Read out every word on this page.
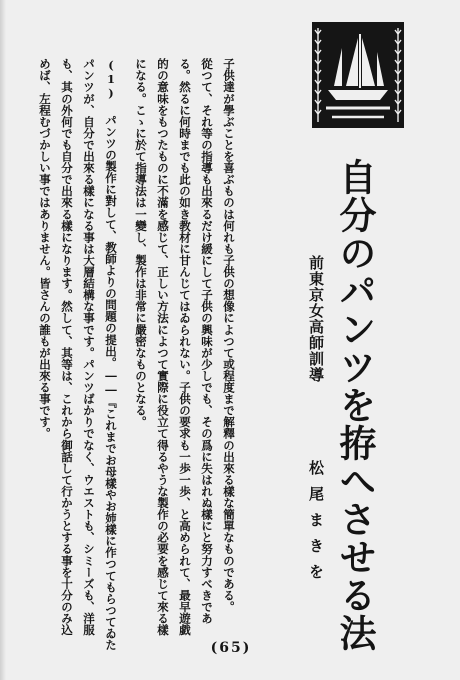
自分のパンツを拵へさせる法
前東京女高師訓導
松尾まきを
子供達が學ぶことを喜ぶものは何れも子供の想像によつて或程度まで解釋の出來る樣な簡單なものである。
從つて、それ等の指導も出來るだけ緩にして子供の興味が少しでも、その爲に失はれぬ樣にと努力すべきであ
る。然るに何時までも此の如き教材に甘んじてはゐられない。子供の要求も一歩一歩、と高められて、最早遊戯
的の意味をもつたものに不滿を感じて、正しい方法によつて實際に役立て得るやうな製作の必要を感じて來る樣
になる。こゝに於て指導法は一變し、製作は非常に嚴密なものとなる。
(1) パンツの製作に對して、教師よりの問題の提出。――『これまでお母樣やお姉樣に作つてもらつてゐた
パンツが、自分で出來る樣になる事は大層結構な事です。パンツばかりでなく、ウエストも、シミーズも、洋服
も、其の外何でも自分で出來る樣になります。然して、其等は、これから御話して行かうとする事を十分のみ込
めば、左程むづかしい事ではありません。皆さんの誰もが出來る事です。
(65)
